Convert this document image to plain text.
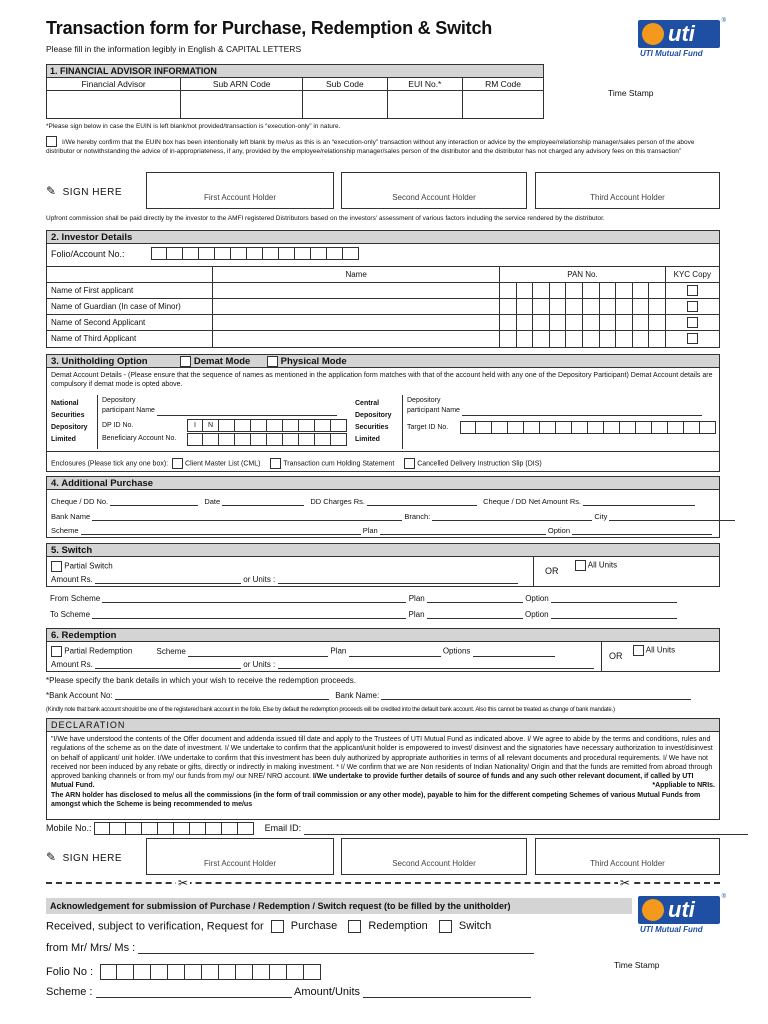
Transaction form for Purchase, Redemption & Switch
Please fill in the information legibly in English & CAPITAL LETTERS
uti	®
UTI Mutual Fund
1. FINANCIAL ADVISOR INFORMATION				
Financial Advisor	Sub ARN Code	Sub Code	EUI No.*	RM Code

Time Stamp
*Please sign below in case the EUIN is left blank/not provided/transaction is “execution-only” in nature.
I/We hereby confirm that the EUIN box has been intentionally left blank by me/us as this is an “execution-only” transaction without any interaction or advice by the employee/relationship manager/sales person of the above distributor or notwithstanding the advice of in-appropriateness, if any, provided by the employee/relationship manager/sales person of the distributor and the distributor has not charged any advisory fees on this transaction”
✎ SIGN HERE	First Account Holder	Second Account Holder	Third Account Holder
Upfront commission shall be paid directly by the investor to the AMFI registered Distributors based on the investors' assessment of various factors including the service rendered by the distributor.
2. Investor Details
Folio/Account No.:
	Name	PAN No.										KYC Copy
Name of First applicant												
Name of Guardian (In case of Minor)												
Name of Second Applicant												
Name of Third Applicant												
3. Unitholding Option	Demat Mode	Physical Mode
Demat Account Details - (Please ensure that the sequence of names as mentioned in the application form matches with that of the account held with any one of the Depository Participant) Demat Account details are compulsory if demat mode is opted above.
National
Securities
Depository
Limited
Depository
participant Name
DP ID No.	I	N
Beneficiary Account No.
Central
Depository
Securities
Limited
Depository
participant Name
Target ID No.
Enclosures (Please tick any one box): Client Master List (CML)	Transaction cum Holding Statement	Cancelled Delivery Instruction Slip (DIS)
4. Additional Purchase
Cheque / DD No.	Date	DD Charges Rs.	Cheque / DD Net Amount Rs.
Bank Name	Branch:	City
Scheme	Plan	Option
5. Switch
Partial Switch
Amount Rs.	or Units :
OR
All Units
From Scheme	Plan	Option
To Scheme	Plan	Option
6. Redemption
Partial Redemption	Scheme	Plan	Options
Amount Rs.	or Units :
OR
All Units
*Please specify the bank details in which your wish to receive the redemption proceeds.
*Bank Account No:	Bank Name:
(Kindly note that bank account should be one of the registered bank account in the folio. Else by default the redemption proceeds will be credited into the default bank account. Also this cannot be treated as change of bank mandate.)
DECLARATION
"I/We have understood the contents of the Offer document and addenda issued till date and apply to the Trustees of UTI Mutual Fund as indicated above. I/ We agree to abide by the terms and conditions, rules and regulations of the scheme as on the date of investment. I/ We undertake to confirm that the applicant/unit holder is empowered to invest/ disinvest and the signatories have necessary authorization to invest/disinvest on behalf of applicant/ unit holder. I/We undertake to confirm that this investment has been duly authorized by appropriate authorities in terms of all relevant documents and procedural requirements. I/ We have not received nor been induced by any rebate or gifts, directly or indirectly in making investment. * I/ We confirm that we are Non residents of Indian Nationality/ Origin and that the funds are remitted from abroad through approved banking channels or from my/ our funds from my/ our NRE/ NRO account. I/We undertake to provide further details of source of funds and any such other relevant document, if called by UTI Mutual Fund.	*Appliable to NRIs.

The ARN holder has disclosed to me/us all the commissions (in the form of trail commission or any other mode), payable to him for the different competing Schemes of various Mutual Funds from amongst which the Scheme is being recommended to me/us
Mobile No.:	Email ID:
✎ SIGN HERE	First Account Holder	Second Account Holder	Third Account Holder
✂	✂
Acknowledgement for submission of Purchase / Redemption / Switch request (to be filled by the unitholder)	uti	®
UTI Mutual Fund
Received, subject to verification, Request for Purchase	Redemption	Switch
from Mr/ Mrs/ Ms :
Folio No :
Time Stamp
Scheme :	Amount/Units
